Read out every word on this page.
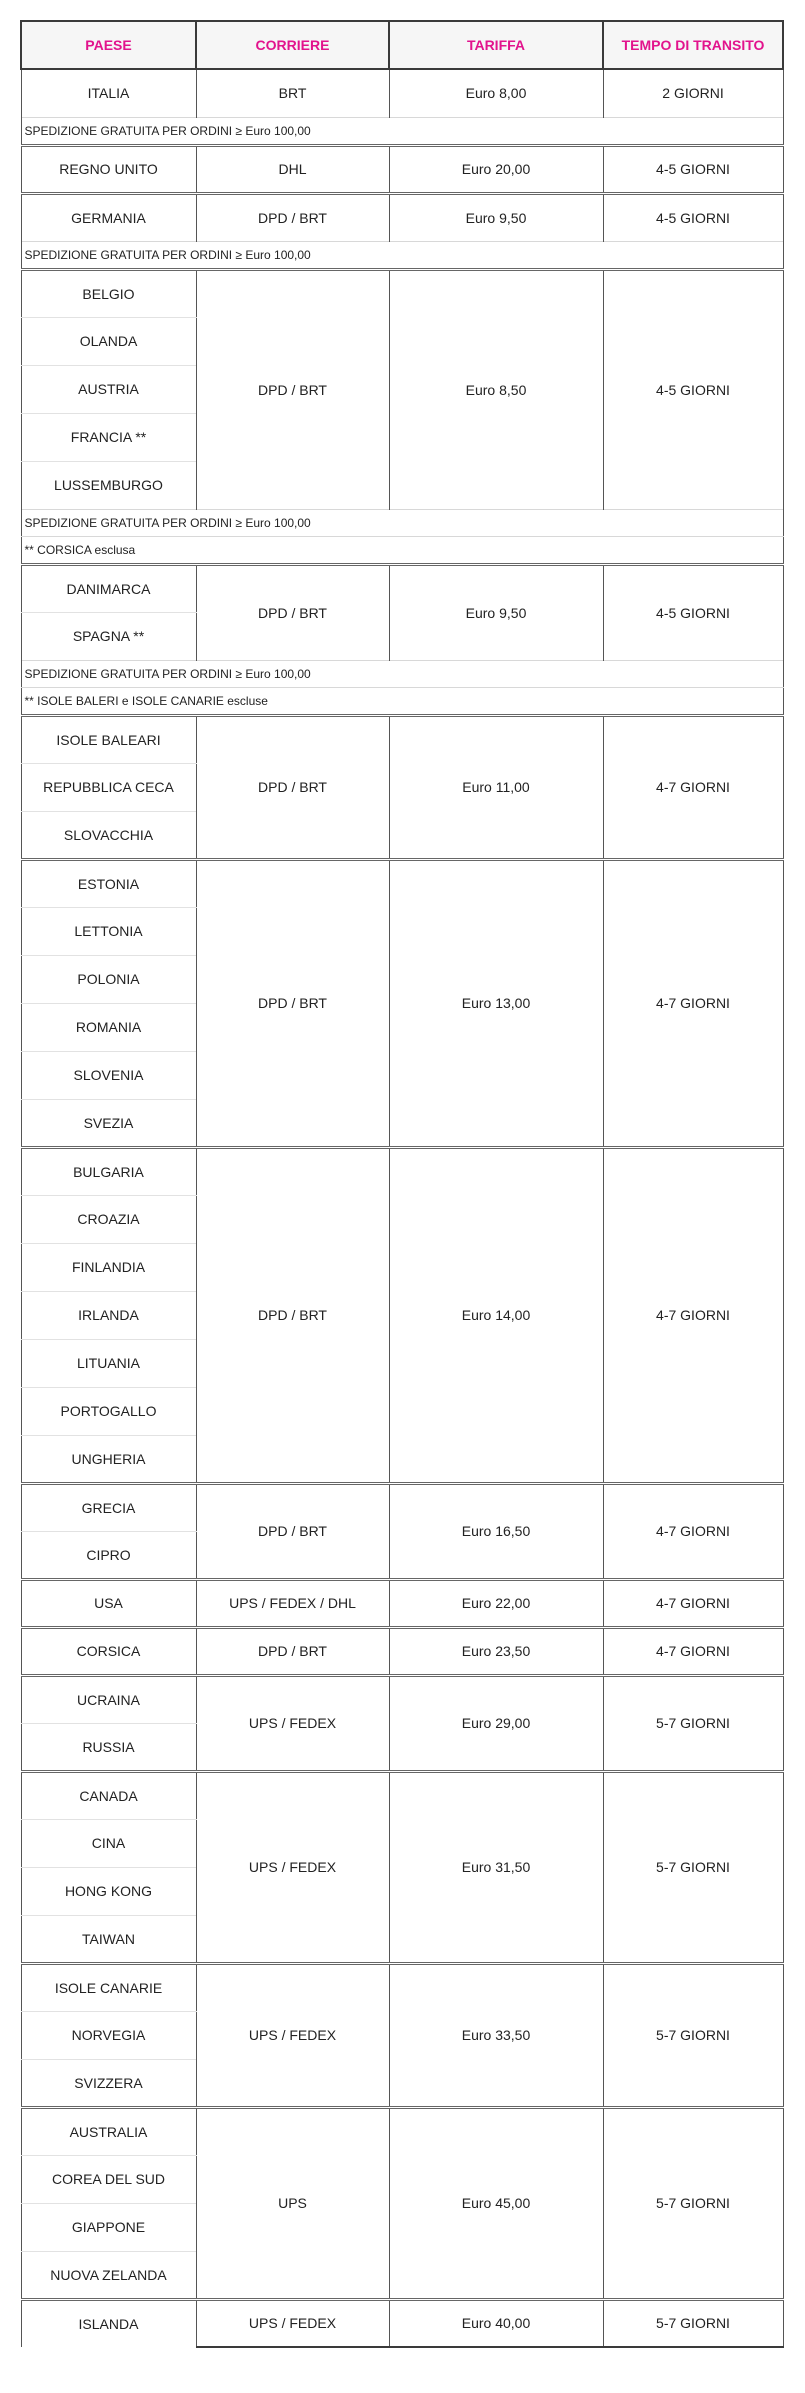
PAESE	CORRIERE	TARIFFA	TEMPO DI TRANSITO
ITALIA	BRT	Euro 8,00	2 GIORNI
SPEDIZIONE GRATUITA PER ORDINI ≥ Euro 100,00			
REGNO UNITO	DHL	Euro 20,00	4-5 GIORNI
GERMANIA	DPD / BRT	Euro 9,50	4-5 GIORNI
SPEDIZIONE GRATUITA PER ORDINI ≥ Euro 100,00			
BELGIO	DPD / BRT	Euro 8,50	4-5 GIORNI
OLANDA			
AUSTRIA			
FRANCIA **			
LUSSEMBURGO			
SPEDIZIONE GRATUITA PER ORDINI ≥ Euro 100,00			
** CORSICA esclusa			
DANIMARCA	DPD / BRT	Euro 9,50	4-5 GIORNI
SPAGNA **			
SPEDIZIONE GRATUITA PER ORDINI ≥ Euro 100,00			
** ISOLE BALERI e ISOLE CANARIE escluse			
ISOLE BALEARI	DPD / BRT	Euro 11,00	4-7 GIORNI
REPUBBLICA CECA			
SLOVACCHIA			
ESTONIA	DPD / BRT	Euro 13,00	4-7 GIORNI
LETTONIA			
POLONIA			
ROMANIA			
SLOVENIA			
SVEZIA			
BULGARIA	DPD / BRT	Euro 14,00	4-7 GIORNI
CROAZIA			
FINLANDIA			
IRLANDA			
LITUANIA			
PORTOGALLO			
UNGHERIA			
GRECIA	DPD / BRT	Euro 16,50	4-7 GIORNI
CIPRO			
USA	UPS / FEDEX / DHL	Euro 22,00	4-7 GIORNI
CORSICA	DPD / BRT	Euro 23,50	4-7 GIORNI
UCRAINA	UPS / FEDEX	Euro 29,00	5-7 GIORNI
RUSSIA			
CANADA	UPS / FEDEX	Euro 31,50	5-7 GIORNI
CINA			
HONG KONG			
TAIWAN			
ISOLE CANARIE	UPS / FEDEX	Euro 33,50	5-7 GIORNI
NORVEGIA			
SVIZZERA			
AUSTRALIA	UPS	Euro 45,00	5-7 GIORNI
COREA DEL SUD			
GIAPPONE			
NUOVA ZELANDA			
ISLANDA	UPS / FEDEX	Euro 40,00	5-7 GIORNI
